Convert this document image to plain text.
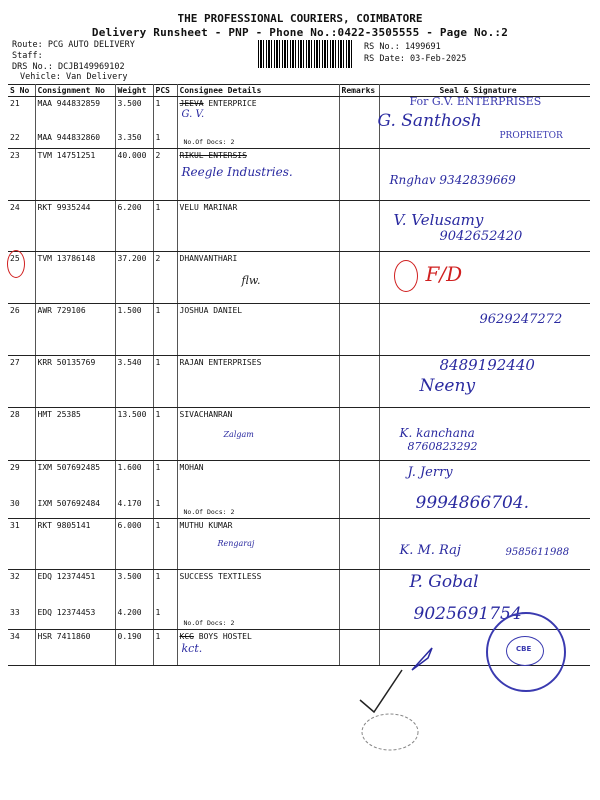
THE PROFESSIONAL COURIERS, COIMBATORE
Delivery Runsheet - PNP - Phone No.:0422-3505555 - Page No.:2
Route: PCG AUTO DELIVERY
Staff:
DRS No.: DCJB149969102
Vehicle: Van Delivery
RS No.: 1499691
RS Date: 03-Feb-2025
S No	Consignment No	Weight	PCS	Consignee Details	Remarks	Seal & Signature
21	MAA 944832859	3.500	1	JEEVA ENTERPRICE
G. V.		For G.V. ENTERPRISES
G. Santhosh

22	MAA 944832860	3.350	1	No.Of Docs: 2		PROPRIETOR

23	TVM 14751251	40.000	2	RIKUL ENTERSIS
Reegle Industries.		Rnghav 9342839669

24	RKT 9935244	6.200	1	VELU MARINAR		V. Velusamy
9042652420

25	TVM 13786148	37.200	2	DHANVANTHARI
flw.		F/D

26	AWR 729106	1.500	1	JOSHUA DANIEL		9629247272

27	KRR 50135769	3.540	1	RAJAN ENTERPRISES		8489192440
Neeny

28	HMT 25385	13.500	1	SIVACHANRAN
Zalgam		K. kanchana
8760823292

29	IXM 507692485	1.600	1	MOHAN		J. Jerry

30	IXM 507692484	4.170	1	No.Of Docs: 2		9994866704.

31	RKT 9805141	6.000	1	MUTHU KUMAR
Rengaraj		K. M. Raj 9585611988

32	EDQ 12374451	3.500	1	SUCCESS TEXTILESS		P. Gobal

33	EDQ 12374453	4.200	1	No.Of Docs: 2		9025691754

34	HSR 7411860	0.190	1	KCG BOYS HOSTEL
kct.		
			CBE
